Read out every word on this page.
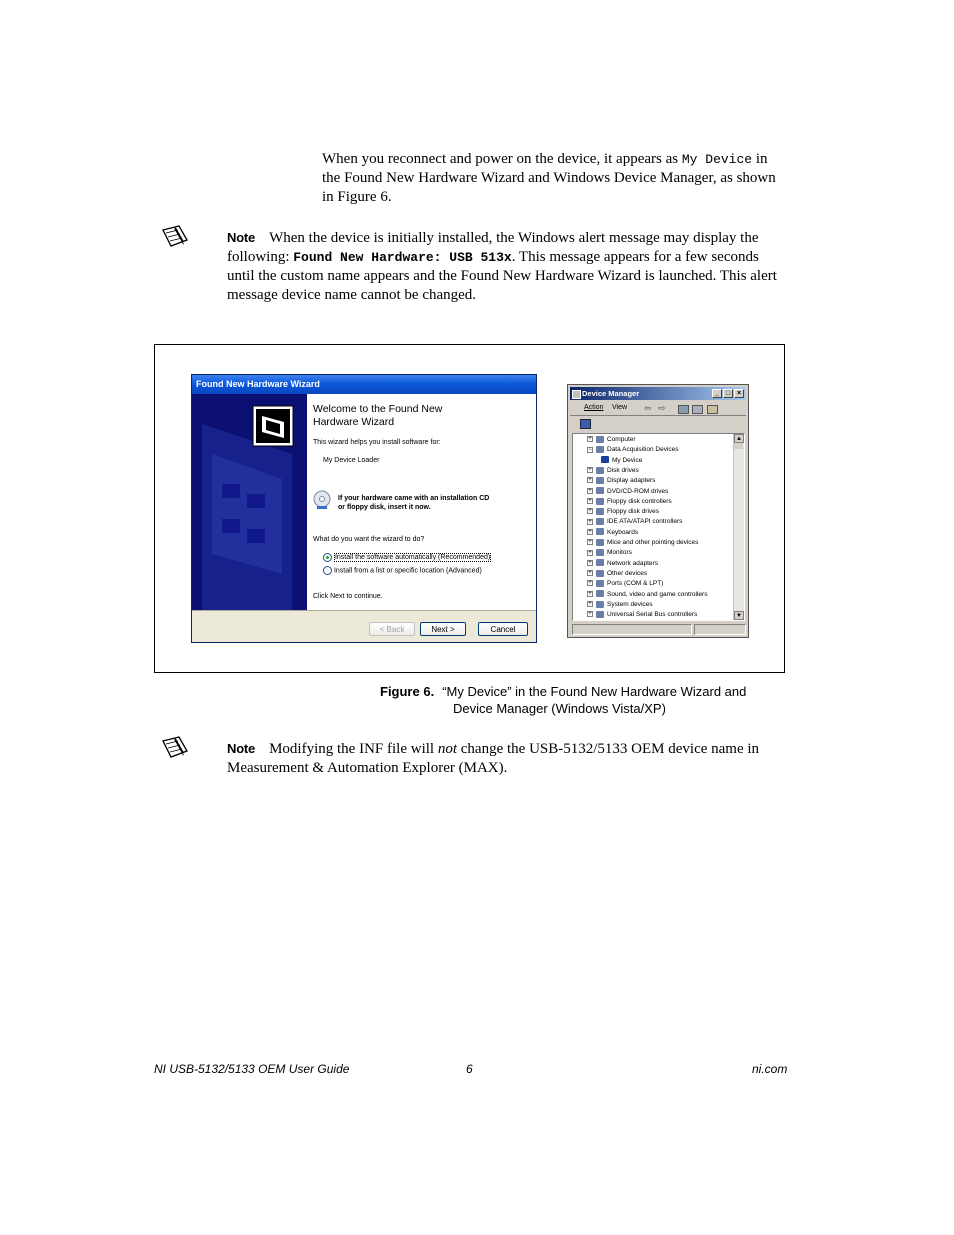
When you reconnect and power on the device, it appears as My Device in
the Found New Hardware Wizard and Windows Device Manager, as shown
in Figure 6.
Note When the device is initially installed, the Windows alert message may display the
following: Found New Hardware: USB 513x. This message appears for a few seconds
until the custom name appears and the Found New Hardware Wizard is launched. This alert
message device name cannot be changed.
Found New Hardware Wizard
Welcome to the Found New
Hardware Wizard
This wizard helps you install software for:
My Device Loader
If your hardware came with an installation CD
or floppy disk, insert it now.
What do you want the wizard to do?
Install the software automatically (Recommended)
Install from a list or specific location (Advanced)
Click Next to continue.
< Back	Next >	Cancel
Device Manager	_ □ ×
Action View ⇦ ⇨
+ Computer
− Data Acquisition Devices
My Device
+ Disk drives
+ Display adapters
+ DVD/CD-ROM drives
+ Floppy disk controllers
+ Floppy disk drives
+ IDE ATA/ATAPI controllers
+ Keyboards
+ Mice and other pointing devices
+ Monitors
+ Network adapters
+ Other devices
+ Ports (COM & LPT)
+ Sound, video and game controllers
+ System devices
+ Universal Serial Bus controllers
▲
▼
Figure 6. “My Device” in the Found New Hardware Wizard and
Device Manager (Windows Vista/XP)
Note Modifying the INF file will not change the USB-5132/5133 OEM device name in
Measurement & Automation Explorer (MAX).
NI USB-5132/5133 OEM User Guide	6	ni.com
